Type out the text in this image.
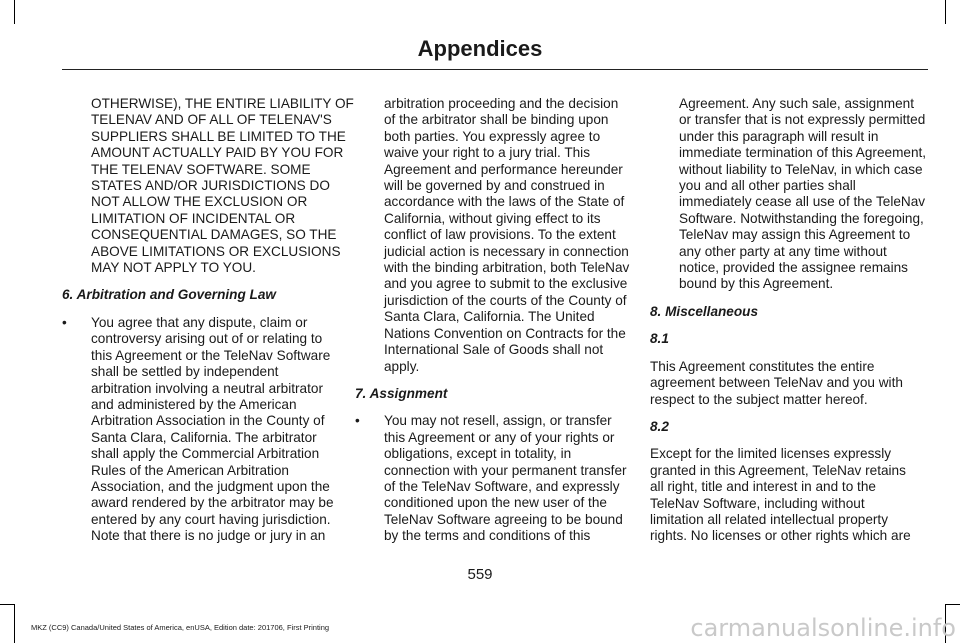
Appendices
OTHERWISE), THE ENTIRE LIABILITY OF
TELENAV AND OF ALL OF TELENAV'S
SUPPLIERS SHALL BE LIMITED TO THE
AMOUNT ACTUALLY PAID BY YOU FOR
THE TELENAV SOFTWARE. SOME
STATES AND/OR JURISDICTIONS DO
NOT ALLOW THE EXCLUSION OR
LIMITATION OF INCIDENTAL OR
CONSEQUENTIAL DAMAGES, SO THE
ABOVE LIMITATIONS OR EXCLUSIONS
MAY NOT APPLY TO YOU.

6. Arbitration and Governing Law

• You agree that any dispute, claim or
controversy arising out of or relating to
this Agreement or the TeleNav Software
shall be settled by independent
arbitration involving a neutral arbitrator
and administered by the American
Arbitration Association in the County of
Santa Clara, California. The arbitrator
shall apply the Commercial Arbitration
Rules of the American Arbitration
Association, and the judgment upon the
award rendered by the arbitrator may be
entered by any court having jurisdiction.
Note that there is no judge or jury in an
arbitration proceeding and the decision
of the arbitrator shall be binding upon
both parties. You expressly agree to
waive your right to a jury trial. This
Agreement and performance hereunder
will be governed by and construed in
accordance with the laws of the State of
California, without giving effect to its
conflict of law provisions. To the extent
judicial action is necessary in connection
with the binding arbitration, both TeleNav
and you agree to submit to the exclusive
jurisdiction of the courts of the County of
Santa Clara, California. The United
Nations Convention on Contracts for the
International Sale of Goods shall not
apply.

7. Assignment

• You may not resell, assign, or transfer
this Agreement or any of your rights or
obligations, except in totality, in
connection with your permanent transfer
of the TeleNav Software, and expressly
conditioned upon the new user of the
TeleNav Software agreeing to be bound
by the terms and conditions of this
Agreement. Any such sale, assignment
or transfer that is not expressly permitted
under this paragraph will result in
immediate termination of this Agreement,
without liability to TeleNav, in which case
you and all other parties shall
immediately cease all use of the TeleNav
Software. Notwithstanding the foregoing,
TeleNav may assign this Agreement to
any other party at any time without
notice, provided the assignee remains
bound by this Agreement.

8. Miscellaneous

8.1

This Agreement constitutes the entire
agreement between TeleNav and you with
respect to the subject matter hereof.

8.2

Except for the limited licenses expressly
granted in this Agreement, TeleNav retains
all right, title and interest in and to the
TeleNav Software, including without
limitation all related intellectual property
rights. No licenses or other rights which are
559
MKZ (CC9) Canada/United States of America, enUSA, Edition date: 201706, First Printing	carmanualsonline.info
